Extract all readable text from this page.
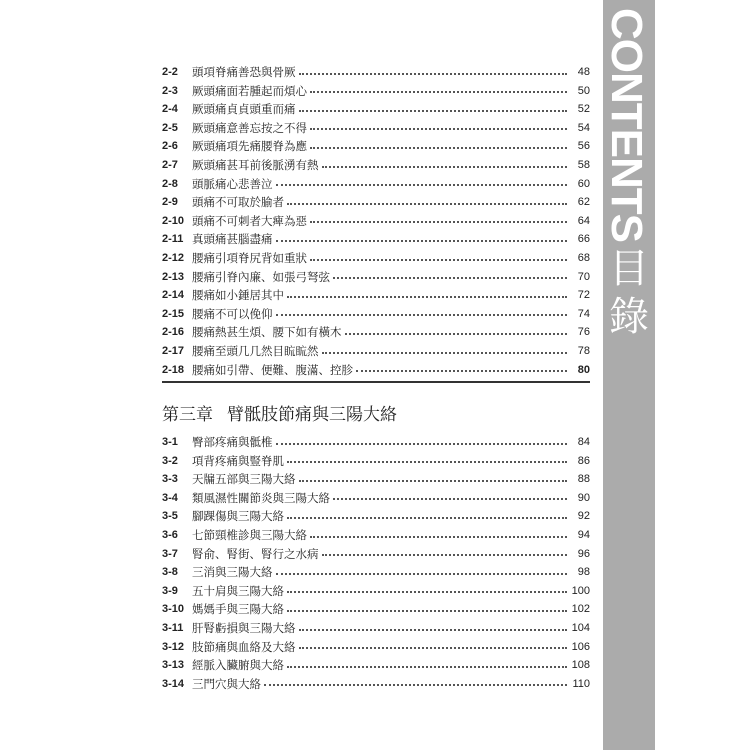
CONTENTS
目
錄
2-2	頭項脊痛善恐與骨厥	48
2-3	厥頭痛面若腫起而煩心	50
2-4	厥頭痛貞貞頭重而痛	52
2-5	厥頭痛意善忘按之不得	54
2-6	厥頭痛項先痛腰脊為應	56
2-7	厥頭痛甚耳前後脈湧有熱	58
2-8	頭脈痛心悲善泣	60
2-9	頭痛不可取於腧者	62
2-10 頭痛不可刺者大痺為惡	64
2-11 真頭痛甚腦盡痛	66
2-12 腰痛引項脊尻背如重狀	68
2-13 腰痛引脊內廉、如張弓弩弦	70
2-14 腰痛如小錘居其中	72
2-15 腰痛不可以俛仰	74
2-16 腰痛熱甚生煩、腰下如有橫木	76
2-17 腰痛至頭几几然目䀮䀮然	78
2-18 腰痛如引帶、便難、腹滿、控胗	80
第三章 臂骶肢節痛與三陽大絡
3-1	臀部疼痛與骶椎	84
3-2	項背疼痛與豎脊肌	86
3-3	天牖五部與三陽大絡	88
3-4	類風濕性關節炎與三陽大絡	90
3-5	腳踝傷與三陽大絡	92
3-6	七節頸椎診與三陽大絡	94
3-7	腎俞、腎街、腎行之水病	96
3-8	三消與三陽大絡	98
3-9	五十肩與三陽大絡	100
3-10 媽媽手與三陽大絡	102
3-11 肝腎虧損與三陽大絡	104
3-12 肢節痛與血絡及大絡	106
3-13 經脈入臟腑與大絡	108
3-14 三門穴與大絡	110
